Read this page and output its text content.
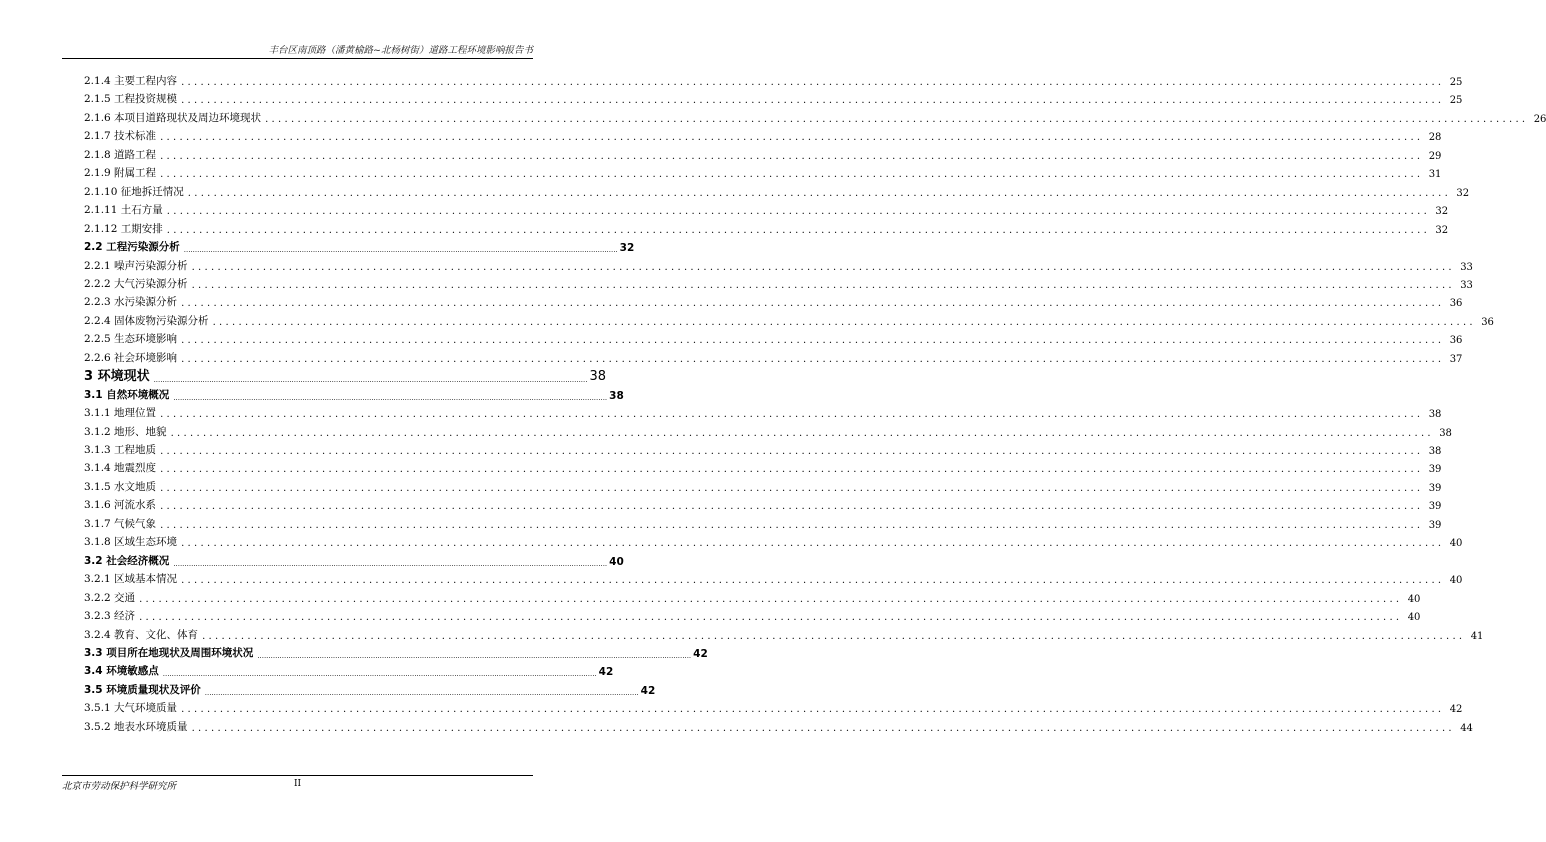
丰台区南顶路（潘黄榆路~北杨树街）道路工程环境影响报告书
2.1.4 主要工程内容 ................................................................................................................................................................................................... 25
2.1.5 工程投资规模 ................................................................................................................................................................................................... 25
2.1.6 本项目道路现状及周边环境现状 ................................................................................................................................................................................................... 26
2.1.7 技术标准 ................................................................................................................................................................................................... 28
2.1.8 道路工程 ................................................................................................................................................................................................... 29
2.1.9 附属工程 ................................................................................................................................................................................................... 31
2.1.10 征地拆迁情况 ................................................................................................................................................................................................... 32
2.1.11 土石方量 ................................................................................................................................................................................................... 32
2.1.12 工期安排 ................................................................................................................................................................................................... 32
2.2 工程污染源分析 ................................................................................................................................................................................................... 32
2.2.1 噪声污染源分析 ................................................................................................................................................................................................... 33
2.2.2 大气污染源分析 ................................................................................................................................................................................................... 33
2.2.3 水污染源分析 ................................................................................................................................................................................................... 36
2.2.4 固体废物污染源分析 ................................................................................................................................................................................................... 36
2.2.5 生态环境影响 ................................................................................................................................................................................................... 36
2.2.6 社会环境影响 ................................................................................................................................................................................................... 37
3 环境现状 ................................................................................................................................................................................................... 38
3.1 自然环境概况 ................................................................................................................................................................................................... 38
3.1.1 地理位置 ................................................................................................................................................................................................... 38
3.1.2 地形、地貌 ................................................................................................................................................................................................... 38
3.1.3 工程地质 ................................................................................................................................................................................................... 38
3.1.4 地震烈度 ................................................................................................................................................................................................... 39
3.1.5 水文地质 ................................................................................................................................................................................................... 39
3.1.6 河流水系 ................................................................................................................................................................................................... 39
3.1.7 气候气象 ................................................................................................................................................................................................... 39
3.1.8 区域生态环境 ................................................................................................................................................................................................... 40
3.2 社会经济概况 ................................................................................................................................................................................................... 40
3.2.1 区域基本情况 ................................................................................................................................................................................................... 40
3.2.2 交通 ................................................................................................................................................................................................... 40
3.2.3 经济 ................................................................................................................................................................................................... 40
3.2.4 教育、文化、体育 ................................................................................................................................................................................................... 41
3.3 项目所在地现状及周围环境状况 ................................................................................................................................................................................................... 42
3.4 环境敏感点 ................................................................................................................................................................................................... 42
3.5 环境质量现状及评价 ................................................................................................................................................................................................... 42
3.5.1 大气环境质量 ................................................................................................................................................................................................... 42
3.5.2 地表水环境质量 ................................................................................................................................................................................................... 44
北京市劳动保护科学研究所	II
